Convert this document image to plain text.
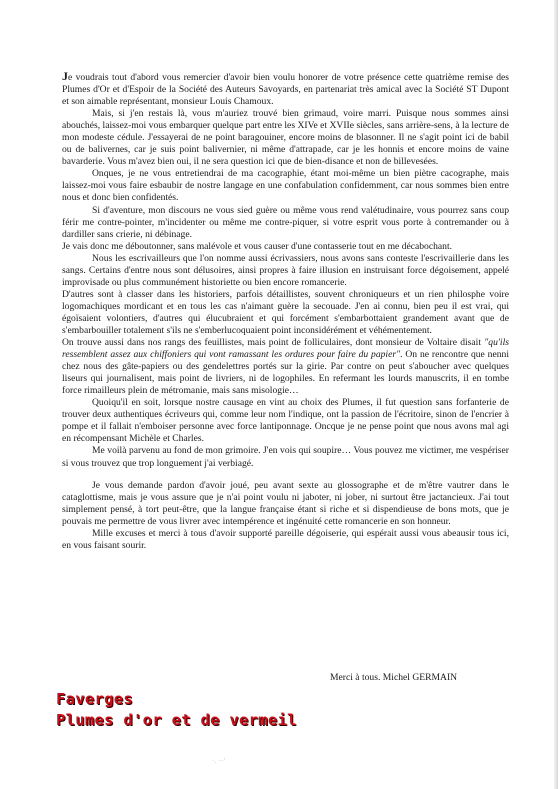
Je voudrais tout d'abord vous remercier d'avoir bien voulu honorer de votre présence cette quatrième remise des Plumes d'Or et d'Espoir de la Société des Auteurs Savoyards, en partenariat très amical avec la Société ST Dupont et son aimable représentant, monsieur Louis Chamoux.

Mais, si j'en restais là, vous m'auriez trouvé bien grimaud, voire marri. Puisque nous sommes ainsi abouchés, laissez-moi vous embarquer quelque part entre les XIVe et XVIIe siècles, sans arrière-sens, à la lecture de mon modeste cédule. J'essayerai de ne point baragouiner, encore moins de blasonner. Il ne s'agit point ici de babil ou de balivernes, car je suis point balivernier, ni même d'attrapade, car je les honnis et encore moins de vaine bavarderie. Vous m'avez bien oui, il ne sera question ici que de bien-disance et non de billevesées.

Onques, je ne vous entretiendrai de ma cacographie, étant moi-même un bien piètre cacographe, mais laissez-moi vous faire esbaubir de nostre langage en une confabulation confidemment, car nous sommes bien entre nous et donc bien confidentés.

Si d'aventure, mon discours ne vous sied guère ou même vous rend valétudinaire, vous pourrez sans coup férir me contre-pointer, m'incidenter ou même me contre-piquer, si votre esprit vous porte à contremander ou à dardiller sans crierie, ni débinage.

Je vais donc me déboutonner, sans malévole et vous causer d'une contasserie tout en me décabochant.

Nous les escrivailleurs que l'on nomme aussi écrivassiers, nous avons sans conteste l'escrivaillerie dans les sangs. Certains d'entre nous sont délusoires, ainsi propres à faire illusion en instruisant force dégoisement, appelé improvisade ou plus communément historiette ou bien encore romancerie.

D'autres sont à classer dans les historiers, parfois détaillistes, souvent chroniqueurs et un rien philosphe voire logomachiques mordicant et en tous les cas n'aimant guère la secouade. J'en ai connu, bien peu il est vrai, qui égoïsaient volontiers, d'autres qui élucubraient et qui forcément s'embarbottaient grandement avant que de s'embarbouiller totalement s'ils ne s'emberlucoquaient point inconsidérément et véhémentement.

On trouve aussi dans nos rangs des feuillistes, mais point de folliculaires, dont monsieur de Voltaire disait "qu'ils ressemblent assez aux chiffoniers qui vont ramassant les ordures pour faire du papier". On ne rencontre que nenni chez nous des gâte-papiers ou des gendelettres portés sur la girie. Par contre on peut s'aboucher avec quelques liseurs qui journalisent, mais point de livriers, ni de logophiles. En refermant les lourds manuscrits, il en tombe force rimailleurs plein de métromanie, mais sans misologie…

Quoiqu'il en soit, lorsque nostre causage en vint au choix des Plumes, il fut question sans forfanterie de trouver deux authentiques écriveurs qui, comme leur nom l'indique, ont la passion de l'écritoire, sinon de l'encrier à pompe et il fallait n'emboiser personne avec force lantiponnage. Oncque je ne pense point que nous avons mal agi en récompensant Michèle et Charles.

Me voilà parvenu au fond de mon grimoire. J'en vois qui soupire… Vous pouvez me victimer, me vespériser si vous trouvez que trop longuement j'ai verbiagé.

Je vous demande pardon d'avoir joué, peu avant sexte au glossographe et de m'être vautrer dans le cataglottisme, mais je vous assure que je n'ai point voulu ni jaboter, ni jober, ni surtout être jactancieux. J'ai tout simplement pensé, à tort peut-être, que la langue française étant si riche et si dispendieuse de bons mots, que je pouvais me permettre de vous livrer avec intempérence et ingénuité cette romancerie en son honneur.

Mille excuses et merci à tous d'avoir supporté pareille dégoiserie, qui espérait aussi vous abeausir tous ici, en vous faisant sourir.

Merci à tous. Michel GERMAIN
Faverges
Plumes d'or et de vermeil
·. ·-‛
